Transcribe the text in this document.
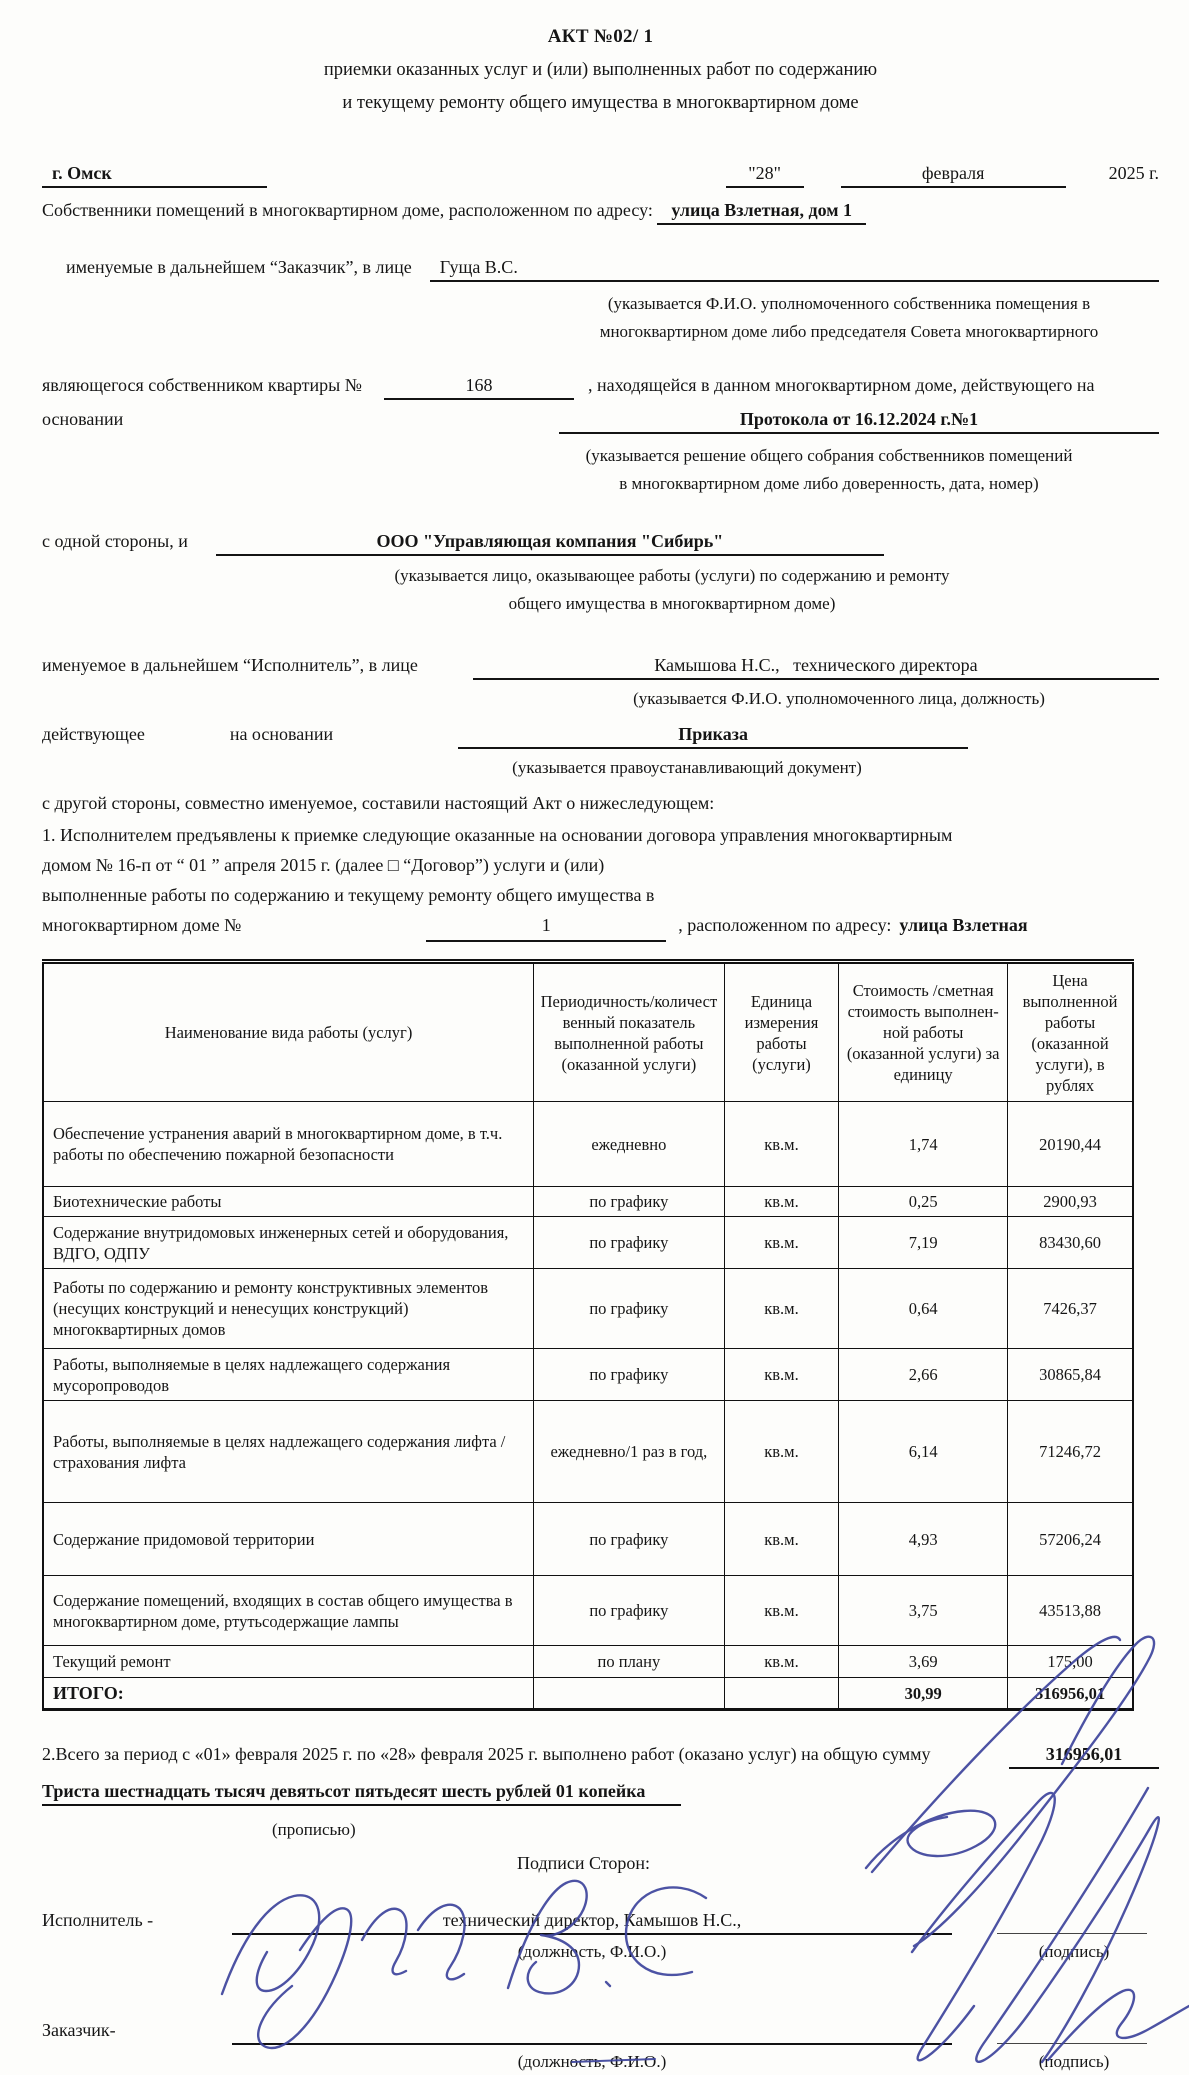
АКТ №02/ 1
приемки оказанных услуг и (или) выполненных работ по содержанию
и текущему ремонту общего имущества в многоквартирном доме
г. Омск	"28"	февраля	2025 г.
Собственники помещений в многоквартирном доме, расположенном по адресу: улица Взлетная, дом 1
именуемые в дальнейшем “Заказчик”, в лице	Гуща В.С.
(указывается Ф.И.О. уполномоченного собственника помещения в
многоквартирном доме либо председателя Совета многоквартирного
являющегося собственником квартиры №	168	, находящейся в данном многоквартирном доме, действующего на
основании	Протокола от 16.12.2024 г.№1
(указывается решение общего собрания собственников помещений
в многоквартирном доме либо доверенность, дата, номер)
с одной стороны, и	ООО "Управляющая компания "Сибирь"
(указывается лицо, оказывающее работы (услуги) по содержанию и ремонту
общего имущества в многоквартирном доме)
именуемое в дальнейшем “Исполнитель”, в лице	Камышова Н.С.,   технического директора
(указывается Ф.И.О. уполномоченного лица, должность)
действующее	на основании	Приказа
(указывается правоустанавливающий документ)
с другой стороны, совместно именуемое, составили настоящий Акт о нижеследующем:
1. Исполнителем предъявлены к приемке следующие оказанные на основании договора управления многоквартирным
домом № 16-п от “ 01 ” апреля 2015 г. (далее □ “Договор”) услуги и (или)
выполненные работы по содержанию и текущему ремонту общего имущества в
многоквартирном доме №	1	, расположенном по адресу: улица Взлетная
Наименование вида работы (услуг)	Периодичность/количест венный показатель выполненной работы (оказанной услуги)	Единица измерения работы (услуги)	Стоимость /сметная стоимость выполнен-ной работы (оказанной услуги) за единицу	Цена выполненной работы (оказанной услуги), в рублях
Обеспечение устранения аварий в многоквартирном доме, в т.ч. работы по обеспечению пожарной безопасности	ежедневно	кв.м.	1,74	20190,44
Биотехнические работы	по графику	кв.м.	0,25	2900,93
Содержание внутридомовых инженерных сетей и оборудования, ВДГО, ОДПУ	по графику	кв.м.	7,19	83430,60
Работы по содержанию и ремонту конструктивных элементов (несущих конструкций и ненесущих конструкций) многоквартирных домов	по графику	кв.м.	0,64	7426,37
Работы, выполняемые в целях надлежащего содержания мусоропроводов	по графику	кв.м.	2,66	30865,84
Работы, выполняемые в целях надлежащего содержания лифта / страхования лифта	ежедневно/1 раз в год,	кв.м.	6,14	71246,72
Содержание придомовой территории	по графику	кв.м.	4,93	57206,24
Содержание помещений, входящих в состав общего имущества в многоквартирном доме, ртутьсодержащие лампы	по графику	кв.м.	3,75	43513,88
Текущий ремонт	по плану	кв.м.	3,69	175,00
ИТОГО:			30,99	316956,01
2.Всего за период с «01» февраля 2025 г. по «28» февраля 2025 г. выполнено работ (оказано услуг) на общую сумму	316956,01
Триста шестнадцать тысяч девятьсот пятьдесят шесть рублей 01 копейка
(прописью)
Подписи Сторон:
Исполнитель -	технический директор, Камышов Н.С.,

(должность, Ф.И.О.)	(подпись)
Заказчик-

(должность, Ф.И.О.)	(подпись)
